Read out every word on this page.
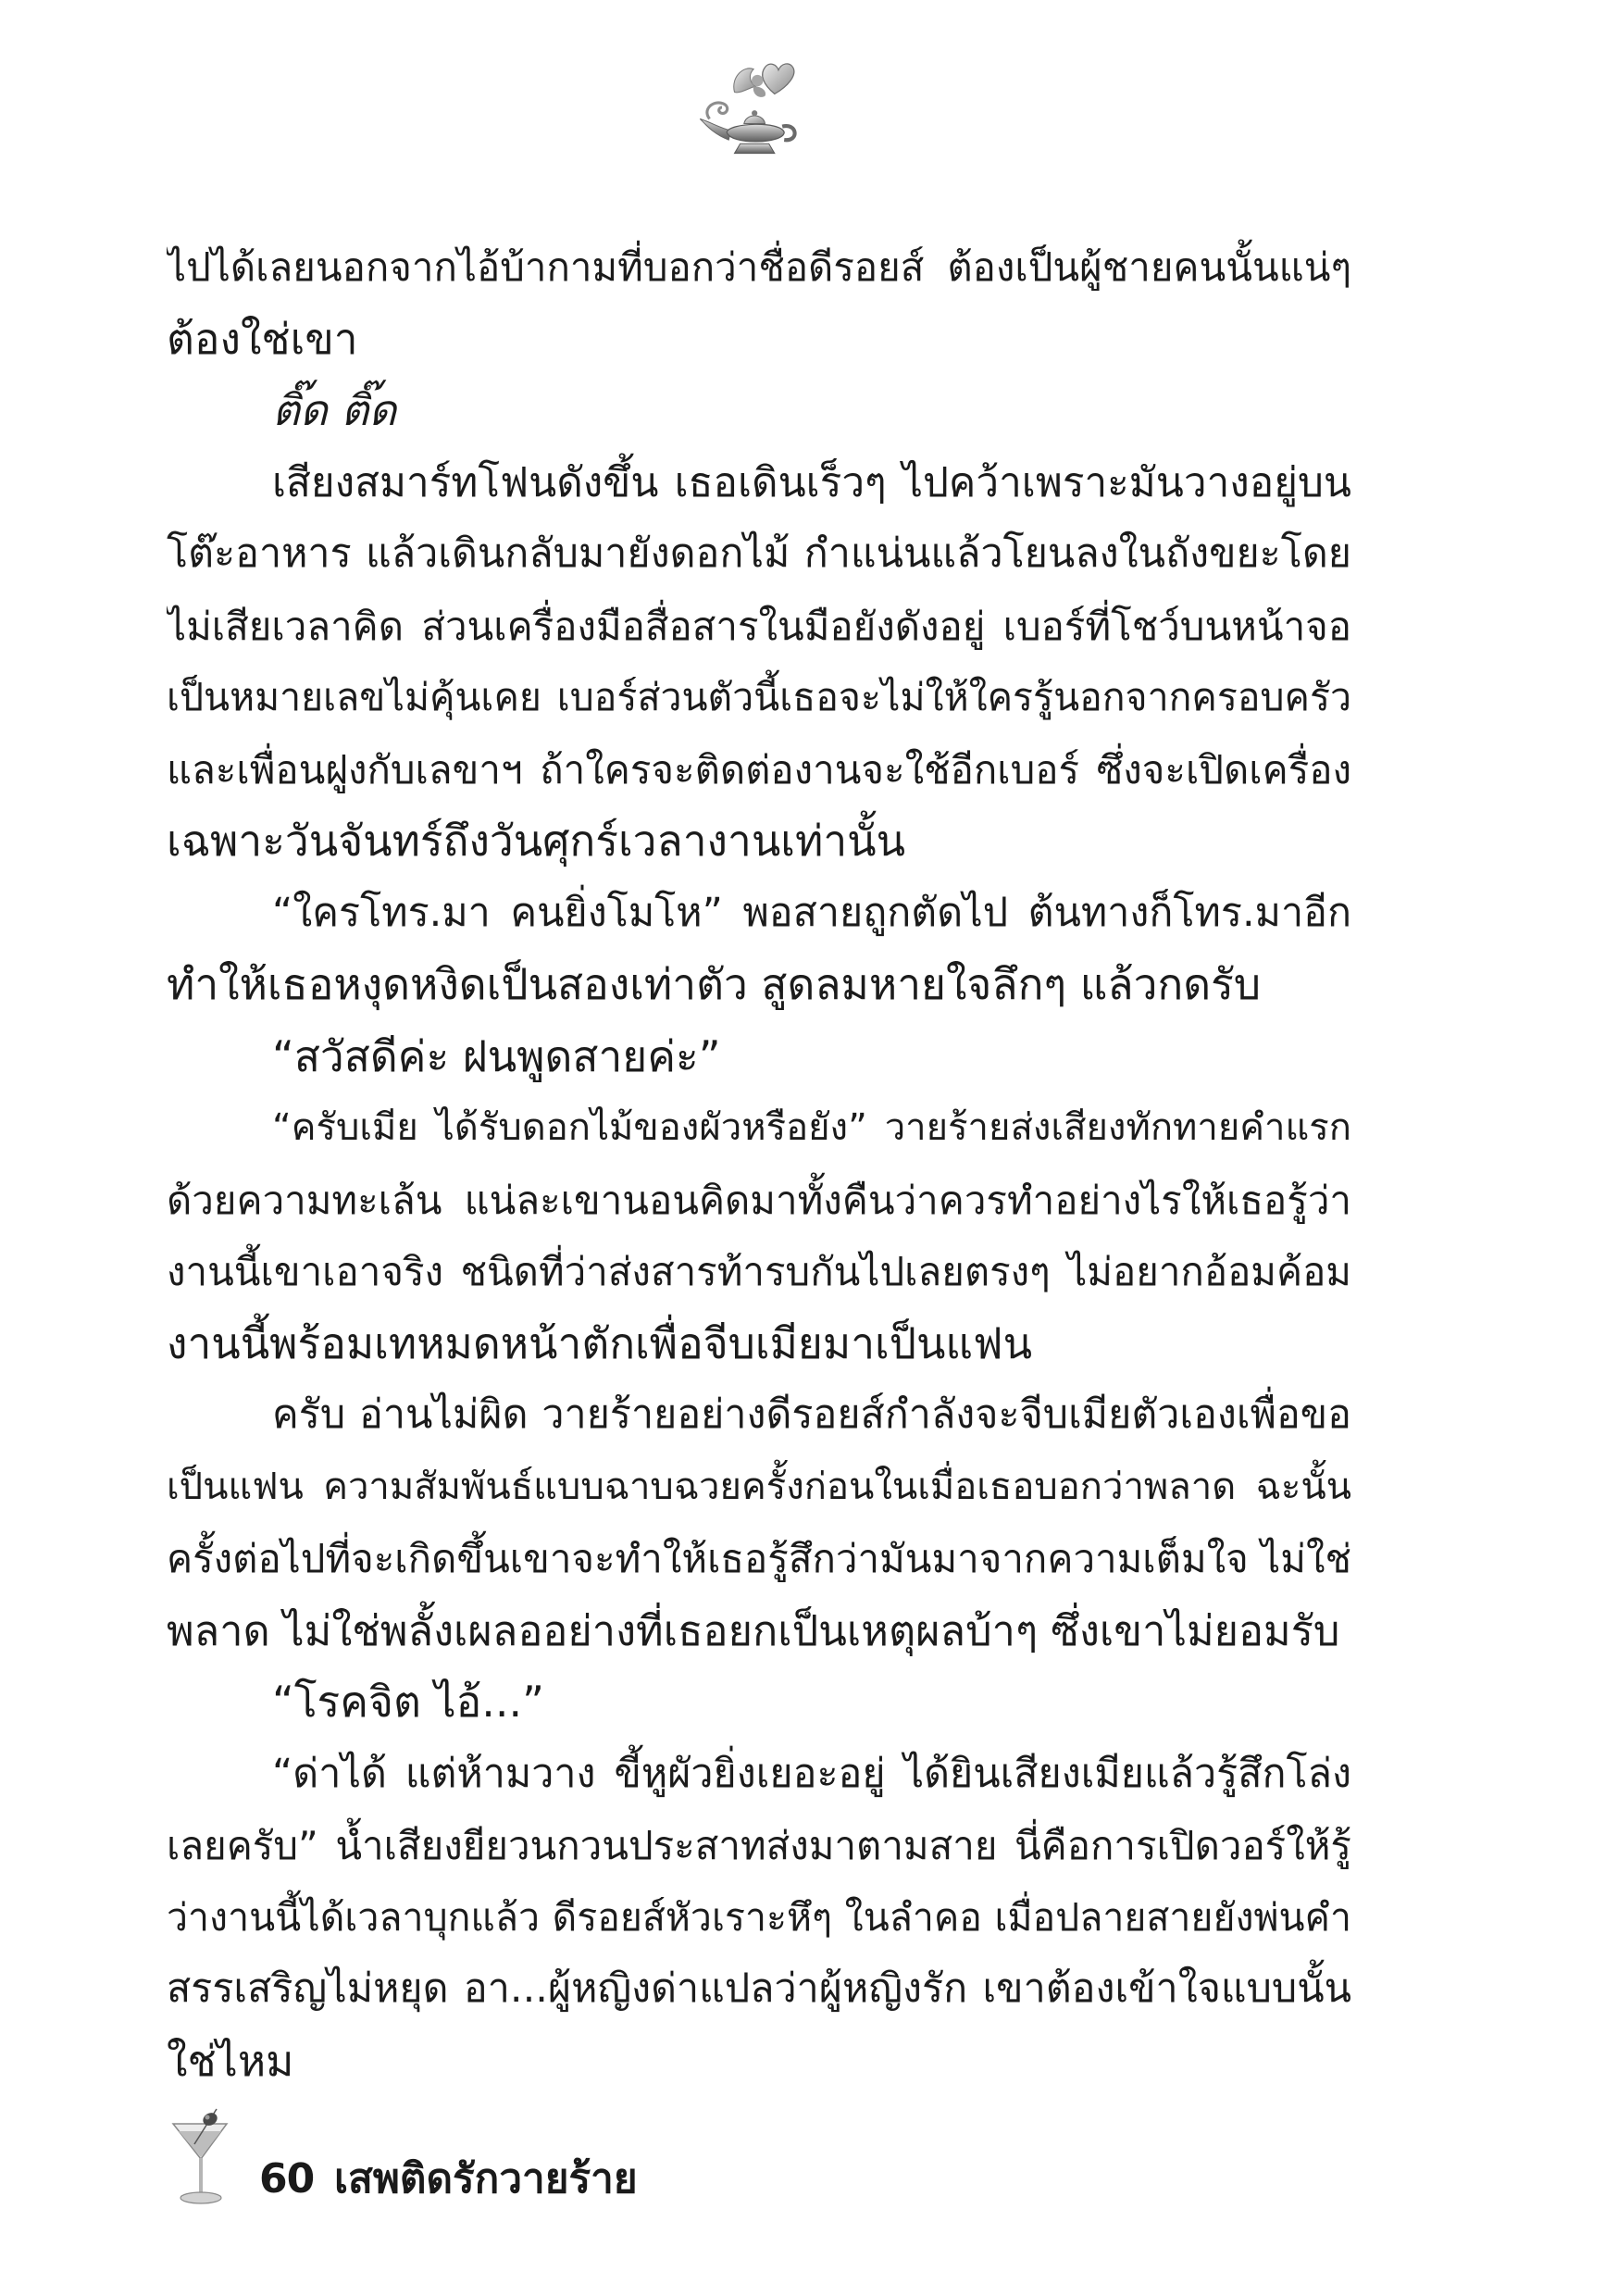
ไปได้เลยนอกจากไอ้บ้ากามที่บอกว่าชื่อดีรอยส์ ต้องเป็นผู้ชายคนนั้นแน่ๆ
ต้องใช่เขา
ติ๊ด ติ๊ด
เสียงสมาร์ทโฟนดังขึ้น เธอเดินเร็วๆ ไปคว้าเพราะมันวางอยู่บน
โต๊ะอาหาร แล้วเดินกลับมายังดอกไม้ กำแน่นแล้วโยนลงในถังขยะโดย
ไม่เสียเวลาคิด ส่วนเครื่องมือสื่อสารในมือยังดังอยู่ เบอร์ที่โชว์บนหน้าจอ
เป็นหมายเลขไม่คุ้นเคย เบอร์ส่วนตัวนี้เธอจะไม่ให้ใครรู้นอกจากครอบครัว
และเพื่อนฝูงกับเลขาฯ ถ้าใครจะติดต่องานจะใช้อีกเบอร์ ซึ่งจะเปิดเครื่อง
เฉพาะวันจันทร์ถึงวันศุกร์เวลางานเท่านั้น
“ใครโทร.มา คนยิ่งโมโห” พอสายถูกตัดไป ต้นทางก็โทร.มาอีก
ทำให้เธอหงุดหงิดเป็นสองเท่าตัว สูดลมหายใจลึกๆ แล้วกดรับ
“สวัสดีค่ะ ฝนพูดสายค่ะ”
“ครับเมีย ได้รับดอกไม้ของผัวหรือยัง” วายร้ายส่งเสียงทักทายคำแรก
ด้วยความทะเล้น แน่ละเขานอนคิดมาทั้งคืนว่าควรทำอย่างไรให้เธอรู้ว่า
งานนี้เขาเอาจริง ชนิดที่ว่าส่งสารท้ารบกันไปเลยตรงๆ ไม่อยากอ้อมค้อม
งานนี้พร้อมเทหมดหน้าตักเพื่อจีบเมียมาเป็นแฟน
ครับ อ่านไม่ผิด วายร้ายอย่างดีรอยส์กำลังจะจีบเมียตัวเองเพื่อขอ
เป็นแฟน ความสัมพันธ์แบบฉาบฉวยครั้งก่อนในเมื่อเธอบอกว่าพลาด ฉะนั้น
ครั้งต่อไปที่จะเกิดขึ้นเขาจะทำให้เธอรู้สึกว่ามันมาจากความเต็มใจ ไม่ใช่
พลาด ไม่ใช่พลั้งเผลออย่างที่เธอยกเป็นเหตุผลบ้าๆ ซึ่งเขาไม่ยอมรับ
“โรคจิต ไอ้...”
“ด่าได้ แต่ห้ามวาง ขี้หูผัวยิ่งเยอะอยู่ ได้ยินเสียงเมียแล้วรู้สึกโล่ง
เลยครับ” น้ำเสียงยียวนกวนประสาทส่งมาตามสาย นี่คือการเปิดวอร์ให้รู้
ว่างานนี้ได้เวลาบุกแล้ว ดีรอยส์หัวเราะหึๆ ในลำคอ เมื่อปลายสายยังพ่นคำ
สรรเสริญไม่หยุด อา...ผู้หญิงด่าแปลว่าผู้หญิงรัก เขาต้องเข้าใจแบบนั้น
ใช่ไหม
60 เสพติดรักวายร้าย
